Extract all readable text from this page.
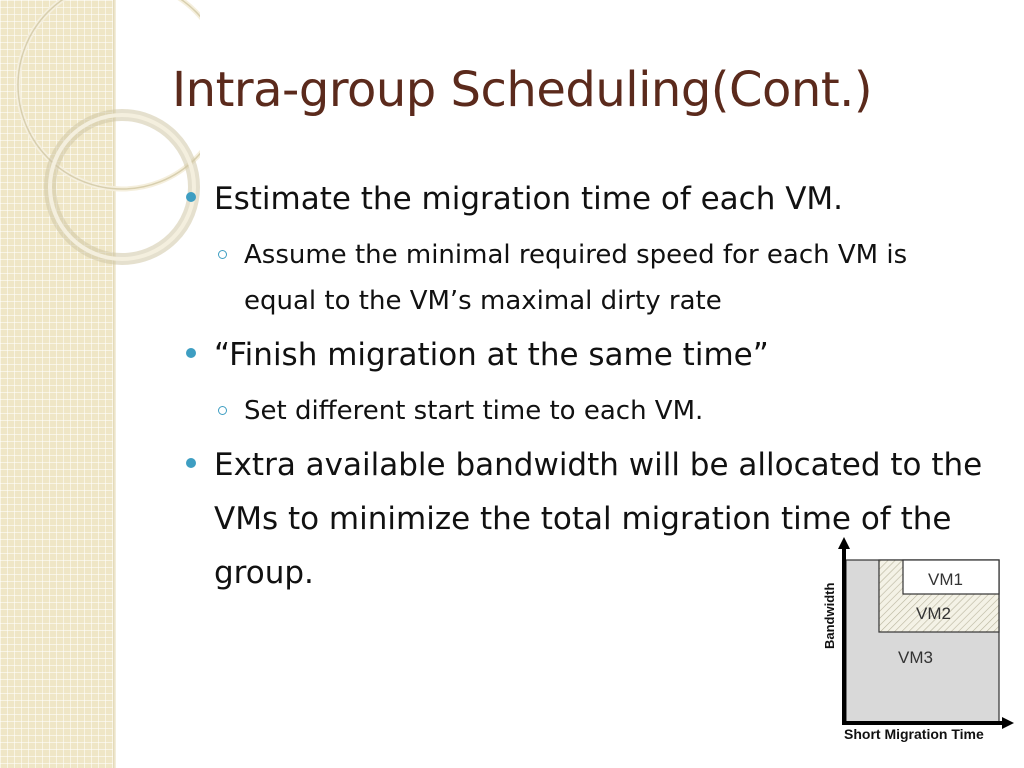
Intra-group Scheduling(Cont.)
Estimate the migration time of each VM.
Assume the minimal required speed for each VM is equal to the VM’s maximal dirty rate
“Finish migration at the same time”
Set different start time to each VM.
Extra available bandwidth will be allocated to the VMs to minimize the total migration time of the group.	VM1
VM2
VM3
Bandwidth
Short Migration Time
